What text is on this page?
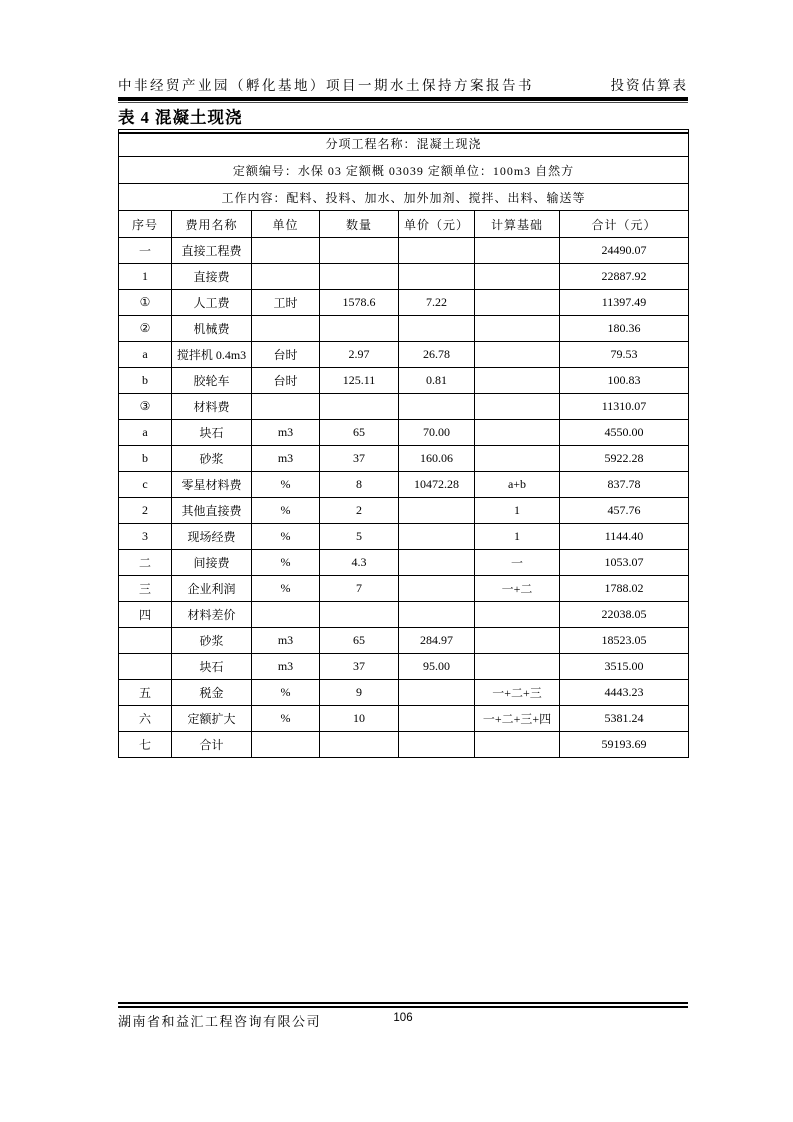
中非经贸产业园（孵化基地）项目一期水土保持方案报告书	投资估算表
表 4 混凝土现浇
分项工程名称：混凝土现浇						
定额编号：水保 03 定额概 03039 定额单位：100m3 自然方						
工作内容：配料、投料、加水、加外加剂、搅拌、出料、输送等						
序号	费用名称	单位	数量	单价（元）	计算基础	合计（元）
一	直接工程费					24490.07
1	直接费					22887.92
①	人工费	工时	1578.6	7.22		11397.49
②	机械费					180.36
a	搅拌机 0.4m3	台时	2.97	26.78		79.53
b	胶轮车	台时	125.11	0.81		100.83
③	材料费					11310.07
a	块石	m3	65	70.00		4550.00
b	砂浆	m3	37	160.06		5922.28
c	零星材料费	%	8	10472.28	a+b	837.78
2	其他直接费	%	2		1	457.76
3	现场经费	%	5		1	1144.40
二	间接费	%	4.3		一	1053.07
三	企业利润	%	7		一+二	1788.02
四	材料差价					22038.05
	砂浆	m3	65	284.97		18523.05
	块石	m3	37	95.00		3515.00
五	税金	%	9		一+二+三	4443.23
六	定额扩大	%	10		一+二+三+四	5381.24
七	合计					59193.69
湖南省和益汇工程咨询有限公司	106
